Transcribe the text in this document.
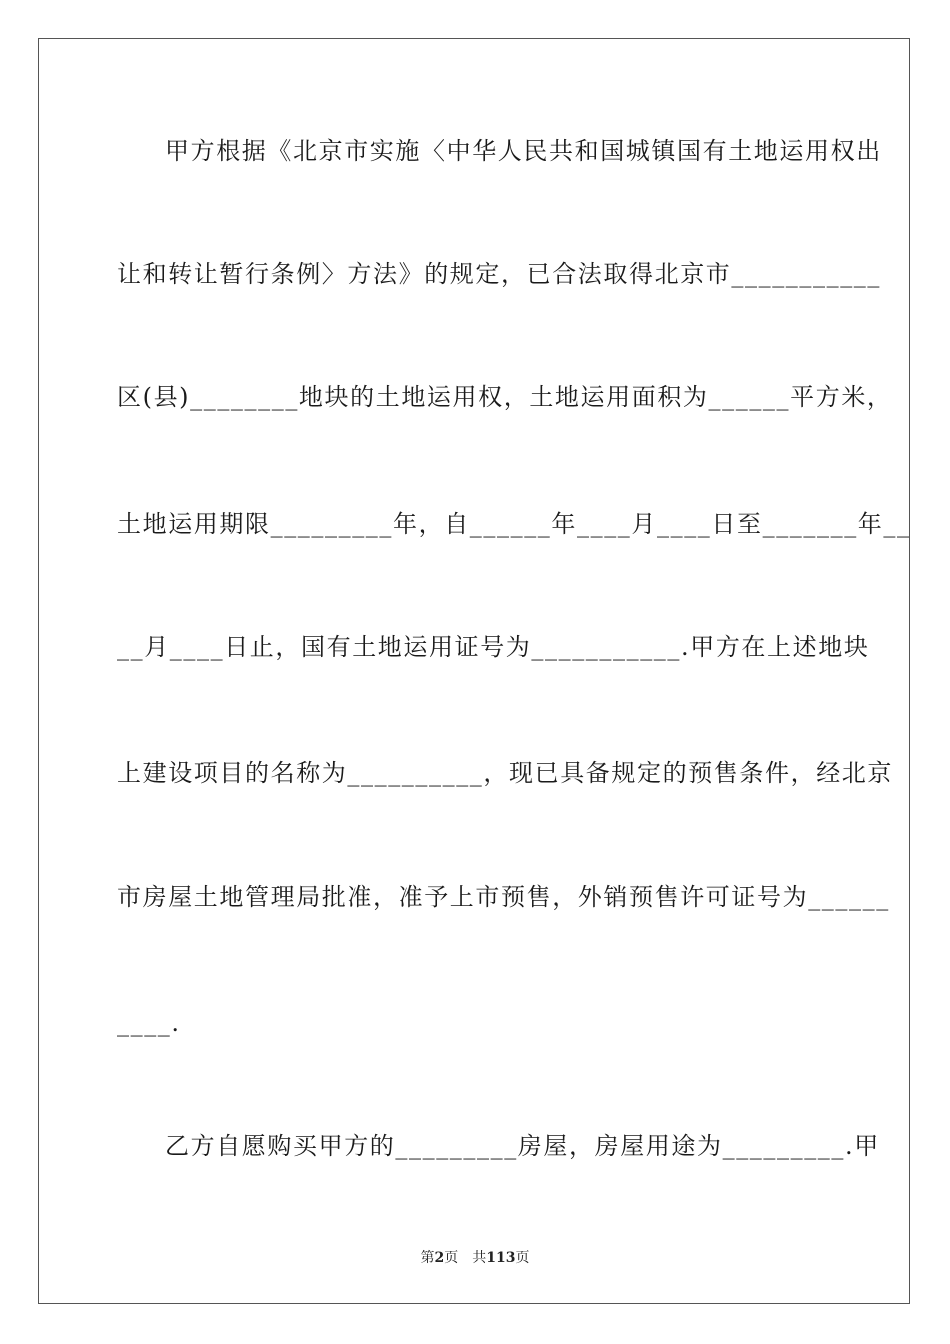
甲方根据《北京市实施〈中华人民共和国城镇国有土地运用权出
让和转让暂行条例〉方法》的规定，已合法取得北京市___________
区(县)________地块的土地运用权，土地运用面积为______平方米，
土地运用期限_________年，自______年____月____日至_______年__
__月____日止，国有土地运用证号为___________.甲方在上述地块
上建设项目的名称为__________，现已具备规定的预售条件，经北京
市房屋土地管理局批准，准予上市预售，外销预售许可证号为______
____.
乙方自愿购买甲方的_________房屋，房屋用途为_________.甲
第2页 共113页
